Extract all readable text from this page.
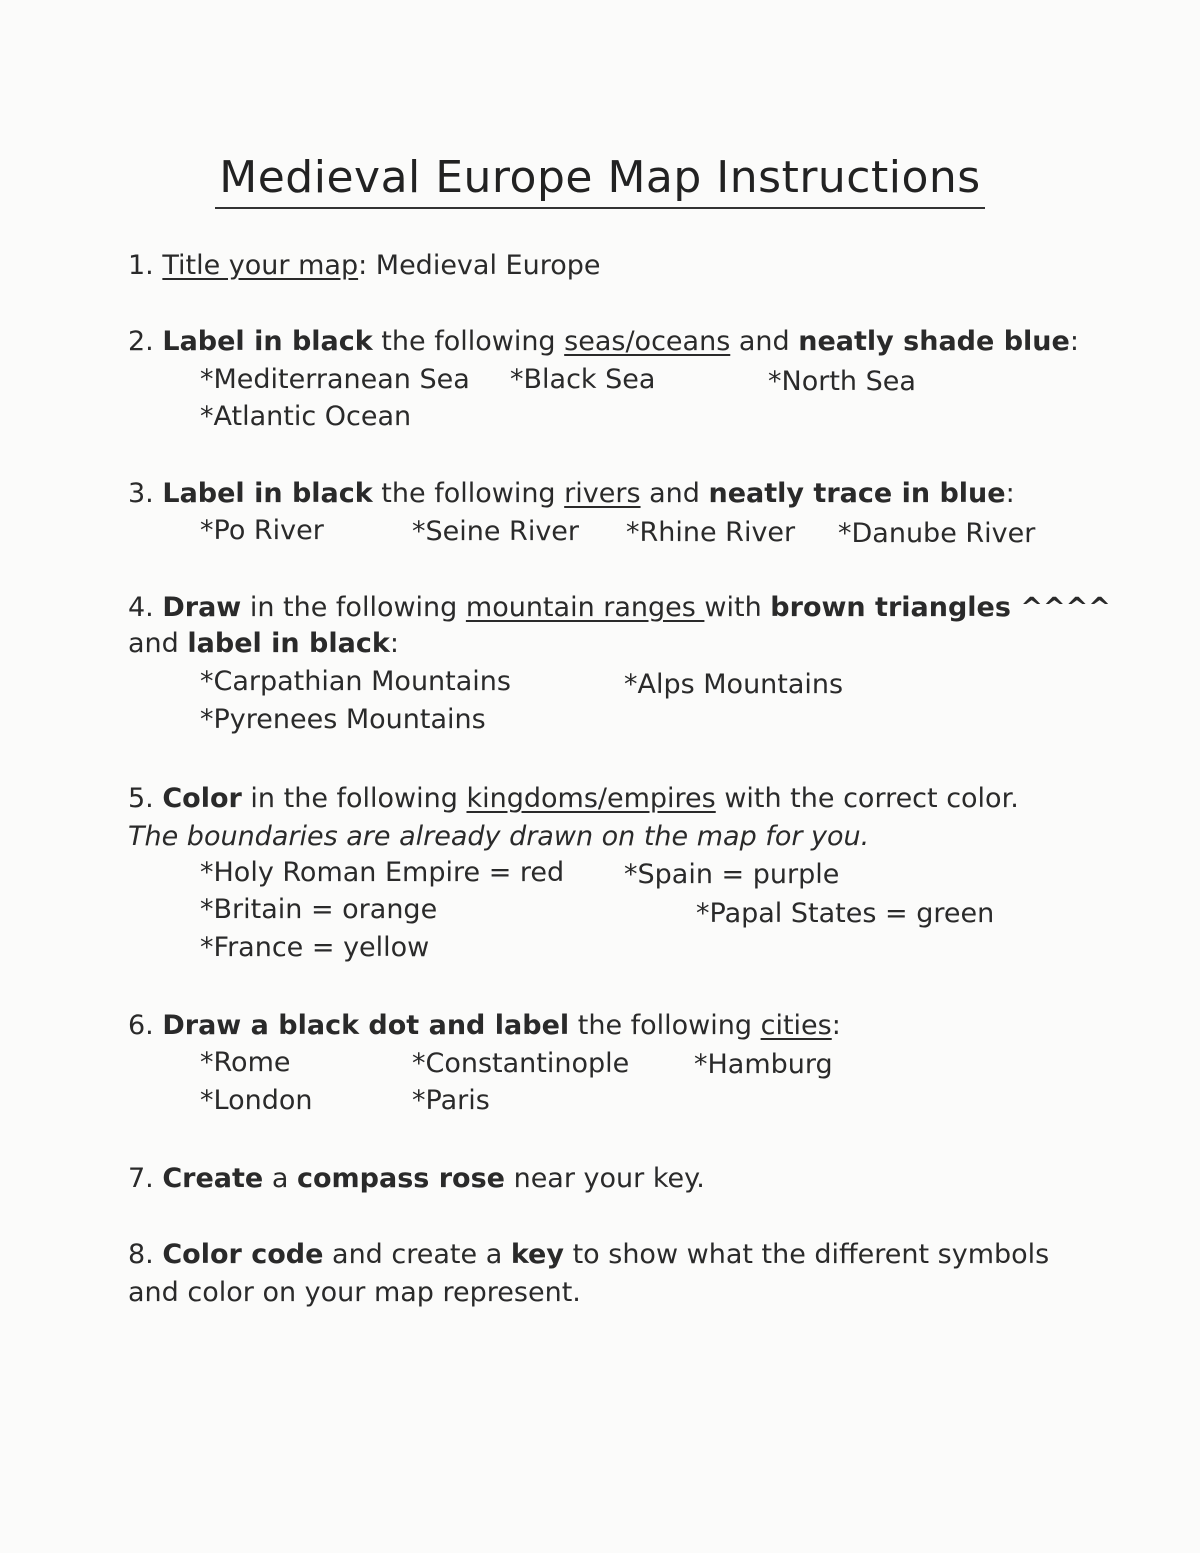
Medieval Europe Map Instructions
1. Title your map: Medieval Europe
2. Label in black the following seas/oceans and neatly shade blue:
*Mediterranean Sea *Black Sea	*North Sea
*Atlantic Ocean
3. Label in black the following rivers and neatly trace in blue:
*Po River	*Seine River *Rhine River *Danube River
4. Draw in the following mountain ranges with brown triangles ^^^^
and label in black:
*Carpathian Mountains	*Alps Mountains
*Pyrenees Mountains
5. Color in the following kingdoms/empires with the correct color. The boundaries are already drawn on the map for you.
*Holy Roman Empire = red *Spain = purple
*Britain = orange	*Papal States = green
*France = yellow
6. Draw a black dot and label the following cities:
*Rome	*Constantinople *Hamburg
*London	*Paris
7. Create a compass rose near your key.
8. Color code and create a key to show what the different symbols and color on your map represent.
